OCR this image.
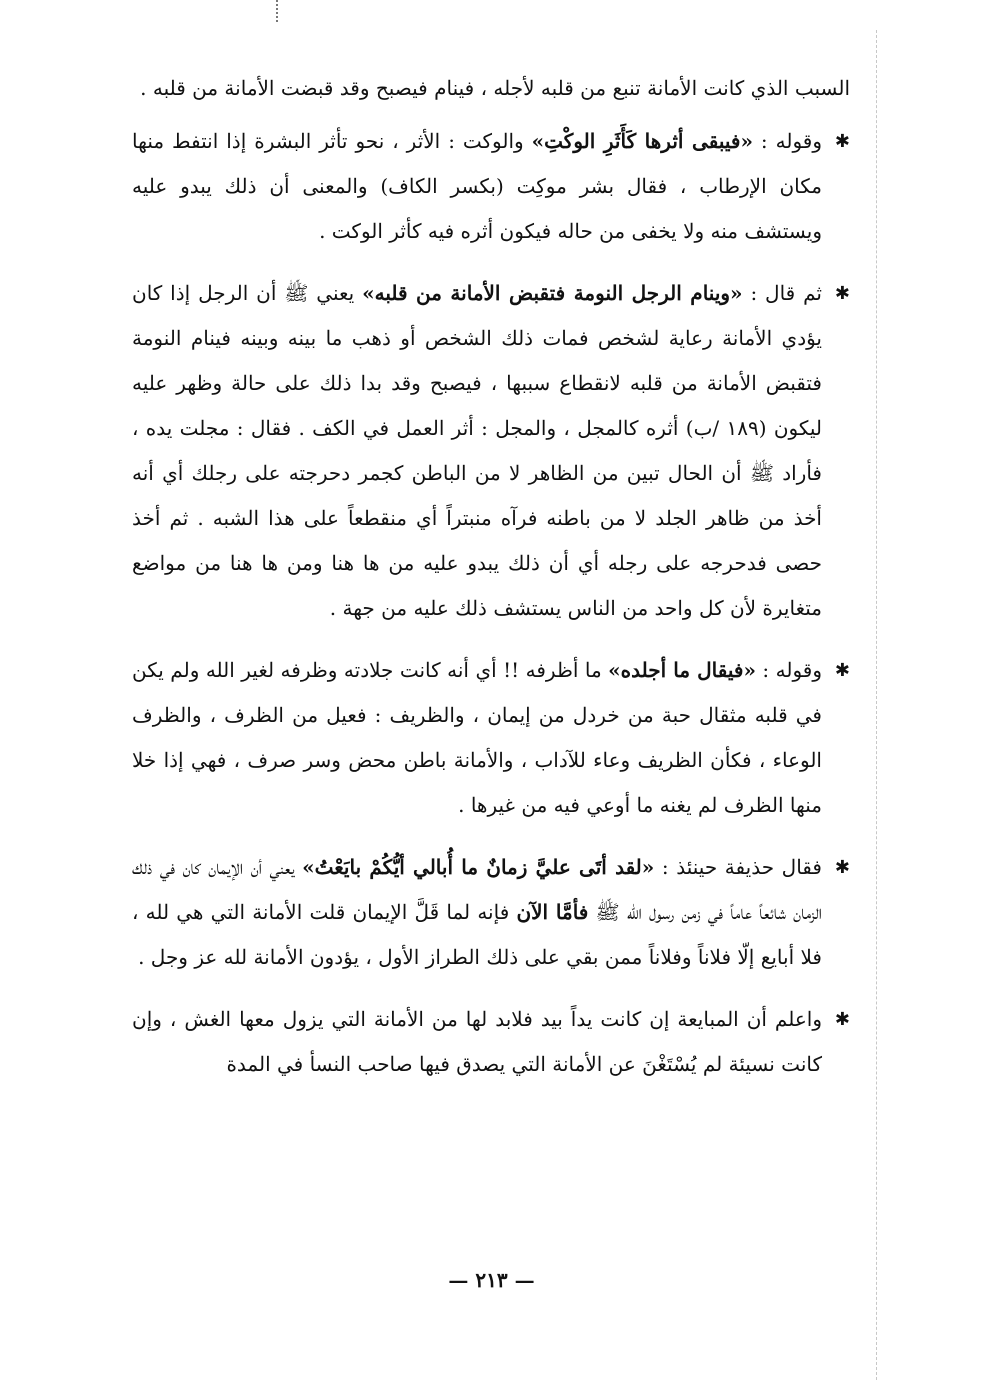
السبب الذي كانت الأمانة تنبع من قلبه لأجله ، فينام فيصبح وقد قبضت الأمانة من قلبه .

✱
وقوله : «فيبقى أثرها كَأَثَرِ الوكْتِ» والوكت : الأثر ، نحو تأثر البشرة إذا انتفط منها مكان الإرطاب ، فقال بشر موكِت (بكسر الكاف) والمعنى أن ذلك يبدو عليه ويستشف منه ولا يخفى من حاله فيكون أثره فيه كأثر الوكت .

✱
ثم قال : «وينام الرجل النومة فتقبض الأمانة من قلبه» يعني ﷺ أن الرجل إذا كان يؤدي الأمانة رعاية لشخص فمات ذلك الشخص أو ذهب ما بينه وبينه فينام النومة فتقبض الأمانة من قلبه لانقطاع سببها ، فيصبح وقد بدا ذلك على حالة وظهر عليه ليكون (١٨٩ /ب) أثره كالمجل ، والمجل : أثر العمل في الكف . فقال : مجلت يده ، فأراد ﷺ أن الحال تبين من الظاهر لا من الباطن كجمر دحرجته على رجلك أي أنه أخذ من ظاهر الجلد لا من باطنه فرآه منبتراً أي منقطعاً على هذا الشبه . ثم أخذ حصى فدحرجه على رجله أي أن ذلك يبدو عليه من ها هنا ومن ها هنا من مواضع متغايرة لأن كل واحد من الناس يستشف ذلك عليه من جهة .

✱
وقوله : «فيقال ما أجلده» ما أظرفه !! أي أنه كانت جلادته وظرفه لغير الله ولم يكن في قلبه مثقال حبة من خردل من إيمان ، والظريف : فعيل من الظرف ، والظرف الوعاء ، فكأن الظريف وعاء للآداب ، والأمانة باطن محض وسر صرف ، فهي إذا خلا منها الظرف لم يغنه ما أوعي فيه من غيرها .

✱
فقال حذيفة حينئذ : «لقد أتَى عليَّ زمانٌ ما أُبالي أيُّكُمْ بايَعْتُ» يعني أن الإيمان كان في ذلك الزمان شائعاً عاماً في زمن رسول الله ﷺ فأمَّا الآن فإنه لما قَلَّ الإيمان قلت الأمانة التي هي لله ، فلا أبايع إلّا فلاناً وفلاناً ممن بقي على ذلك الطراز الأول ، يؤدون الأمانة لله عز وجل .

✱
واعلم أن المبايعة إن كانت يداً بيد فلابد لها من الأمانة التي يزول معها الغش ، وإن كانت نسيئة لم يُسْتَغْنَ عن الأمانة التي يصدق فيها صاحب النسأ في المدة

— ٢١٣ —
